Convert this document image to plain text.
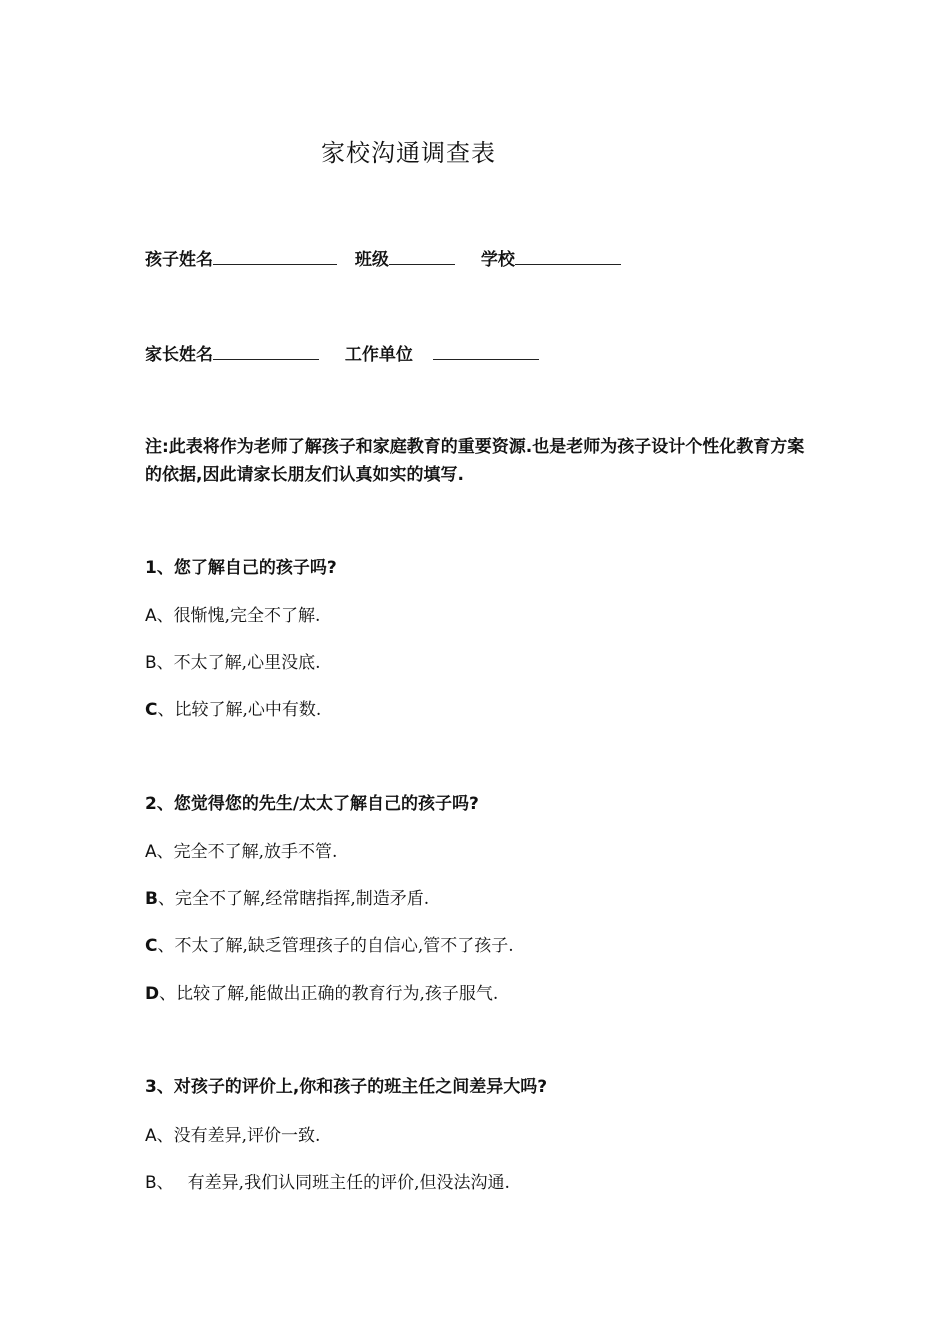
家校沟通调查表
孩子姓名	班级	学校
家长姓名	工作单位
注:此表将作为老师了解孩子和家庭教育的重要资源.也是老师为孩子设计个性化教育方案的依据,因此请家长朋友们认真如实的填写.
1、您了解自己的孩子吗?
A、很惭愧,完全不了解.
B、不太了解,心里没底.
C、比较了解,心中有数.
2、您觉得您的先生/太太了解自己的孩子吗?
A、完全不了解,放手不管.
B、完全不了解,经常瞎指挥,制造矛盾.
C、不太了解,缺乏管理孩子的自信心,管不了孩子.
D、比较了解,能做出正确的教育行为,孩子服气.
3、对孩子的评价上,你和孩子的班主任之间差异大吗?
A、没有差异,评价一致.
B、 有差异,我们认同班主任的评价,但没法沟通.
